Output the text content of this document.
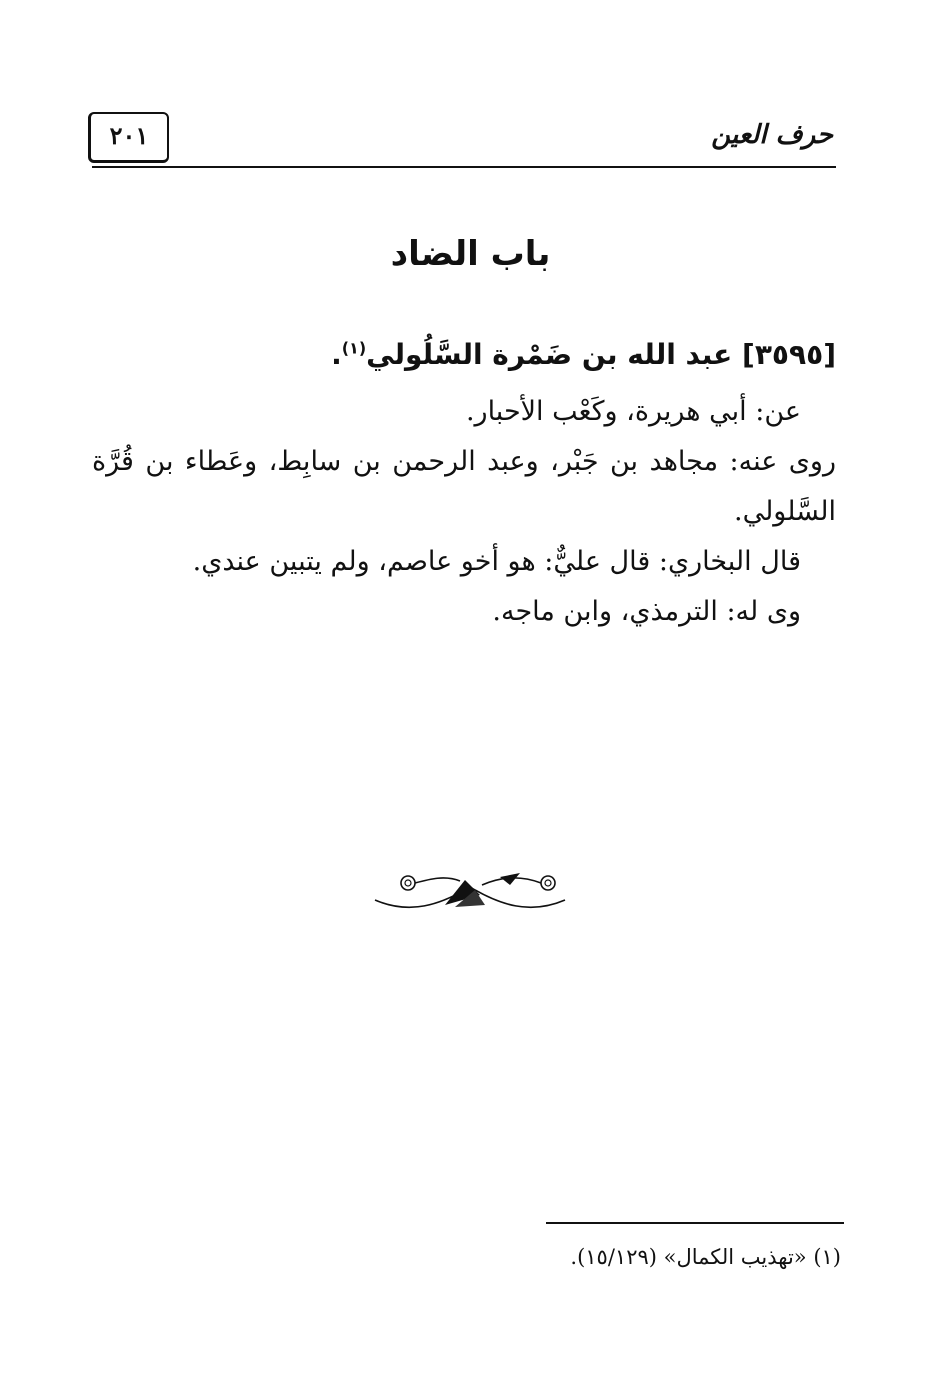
حرف العين
٢٠١
باب الضاد
[٣٥٩٥] عبد الله بن ضَمْرة السَّلُولي$^{(١)}$.
عن: أبي هريرة، وكَعْب الأحبار.
روى عنه: مجاهد بن جَبْر، وعبد الرحمن بن سابِط، وعَطاء بن قُرَّة
السَّلولي.
قال البخاري: قال عليٌّ: هو أخو عاصم، ولم يتبين عندي.
وى له: الترمذي، وابن ماجه.
(١) «تهذيب الكمال» (١٥/١٢٩).
